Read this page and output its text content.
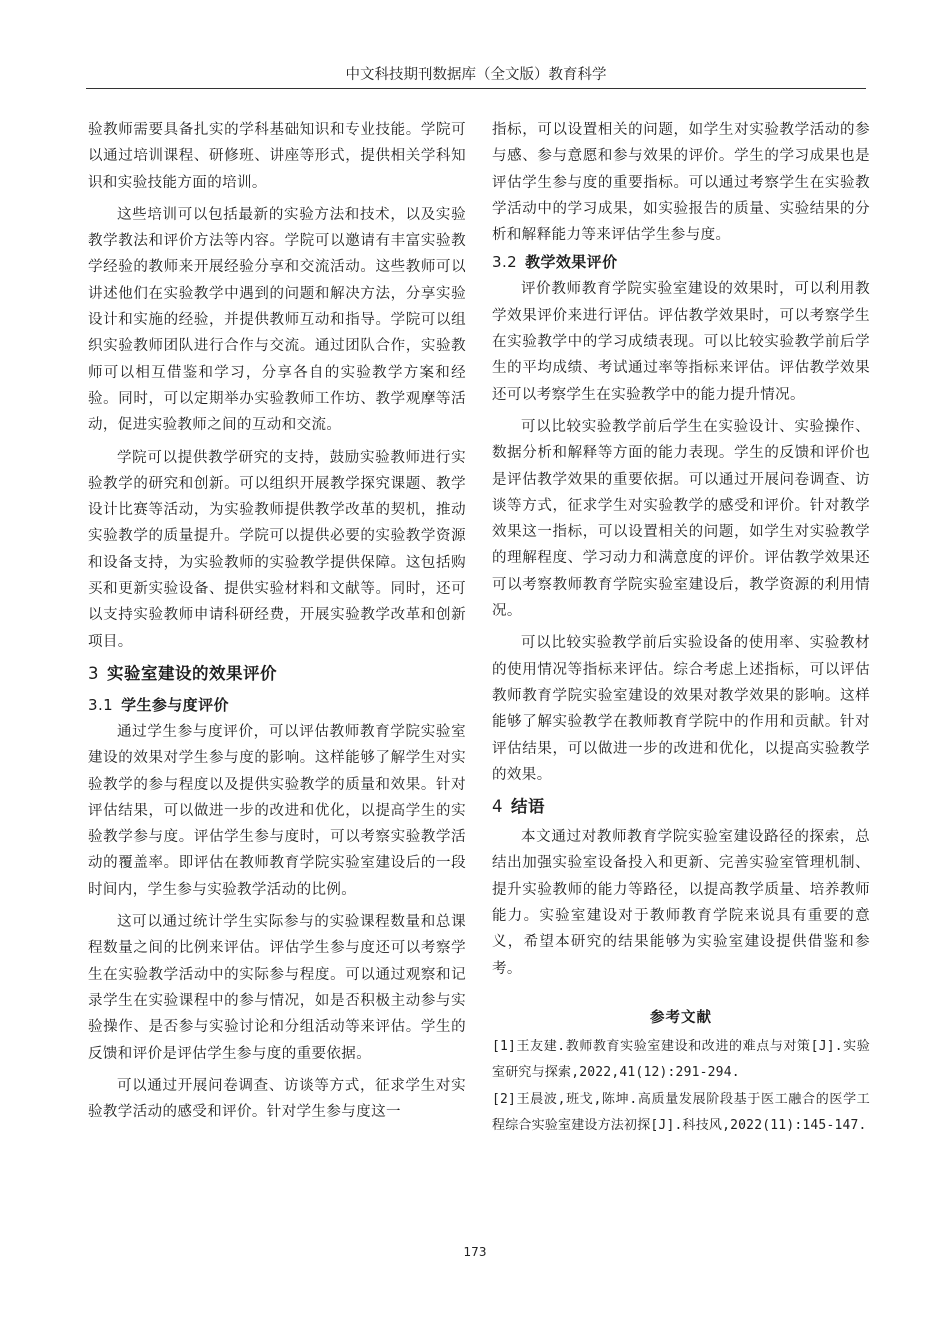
中文科技期刊数据库（全文版）教育科学

验教师需要具备扎实的学科基础知识和专业技能。学院可以通过培训课程、研修班、讲座等形式，提供相关学科知识和实验技能方面的培训。

这些培训可以包括最新的实验方法和技术，以及实验教学教法和评价方法等内容。学院可以邀请有丰富实验教学经验的教师来开展经验分享和交流活动。这些教师可以讲述他们在实验教学中遇到的问题和解决方法，分享实验设计和实施的经验，并提供教师互动和指导。学院可以组织实验教师团队进行合作与交流。通过团队合作，实验教师可以相互借鉴和学习，分享各自的实验教学方案和经验。同时，可以定期举办实验教师工作坊、教学观摩等活动，促进实验教师之间的互动和交流。

学院可以提供教学研究的支持，鼓励实验教师进行实验教学的研究和创新。可以组织开展教学探究课题、教学设计比赛等活动，为实验教师提供教学改革的契机，推动实验教学的质量提升。学院可以提供必要的实验教学资源和设备支持，为实验教师的实验教学提供保障。这包括购买和更新实验设备、提供实验材料和文献等。同时，还可以支持实验教师申请科研经费，开展实验教学改革和创新项目。

3 实验室建设的效果评价
3.1 学生参与度评价

通过学生参与度评价，可以评估教师教育学院实验室建设的效果对学生参与度的影响。这样能够了解学生对实验教学的参与程度以及提供实验教学的质量和效果。针对评估结果，可以做进一步的改进和优化，以提高学生的实验教学参与度。评估学生参与度时，可以考察实验教学活动的覆盖率。即评估在教师教育学院实验室建设后的一段时间内，学生参与实验教学活动的比例。

这可以通过统计学生实际参与的实验课程数量和总课程数量之间的比例来评估。评估学生参与度还可以考察学生在实验教学活动中的实际参与程度。可以通过观察和记录学生在实验课程中的参与情况，如是否积极主动参与实验操作、是否参与实验讨论和分组活动等来评估。学生的反馈和评价是评估学生参与度的重要依据。

可以通过开展问卷调查、访谈等方式，征求学生对实验教学活动的感受和评价。针对学生参与度这一

指标，可以设置相关的问题，如学生对实验教学活动的参与感、参与意愿和参与效果的评价。学生的学习成果也是评估学生参与度的重要指标。可以通过考察学生在实验教学活动中的学习成果，如实验报告的质量、实验结果的分析和解释能力等来评估学生参与度。

3.2 教学效果评价

评价教师教育学院实验室建设的效果时，可以利用教学效果评价来进行评估。评估教学效果时，可以考察学生在实验教学中的学习成绩表现。可以比较实验教学前后学生的平均成绩、考试通过率等指标来评估。评估教学效果还可以考察学生在实验教学中的能力提升情况。

可以比较实验教学前后学生在实验设计、实验操作、数据分析和解释等方面的能力表现。学生的反馈和评价也是评估教学效果的重要依据。可以通过开展问卷调查、访谈等方式，征求学生对实验教学的感受和评价。针对教学效果这一指标，可以设置相关的问题，如学生对实验教学的理解程度、学习动力和满意度的评价。评估教学效果还可以考察教师教育学院实验室建设后，教学资源的利用情况。

可以比较实验教学前后实验设备的使用率、实验教材的使用情况等指标来评估。综合考虑上述指标，可以评估教师教育学院实验室建设的效果对教学效果的影响。这样能够了解实验教学在教师教育学院中的作用和贡献。针对评估结果，可以做进一步的改进和优化，以提高实验教学的效果。

4 结语

本文通过对教师教育学院实验室建设路径的探索，总结出加强实验室设备投入和更新、完善实验室管理机制、提升实验教师的能力等路径，以提高教学质量、培养教师能力。实验室建设对于教师教育学院来说具有重要的意义，希望本研究的结果能够为实验室建设提供借鉴和参考。

参考文献

[1]王友建.教师教育实验室建设和改进的难点与对策[J].实验室研究与探索,2022,41(12):291-294.

[2]王晨波,班戈,陈坤.高质量发展阶段基于医工融合的医学工程综合实验室建设方法初探[J].科技风,2022(11):145-147.

173
